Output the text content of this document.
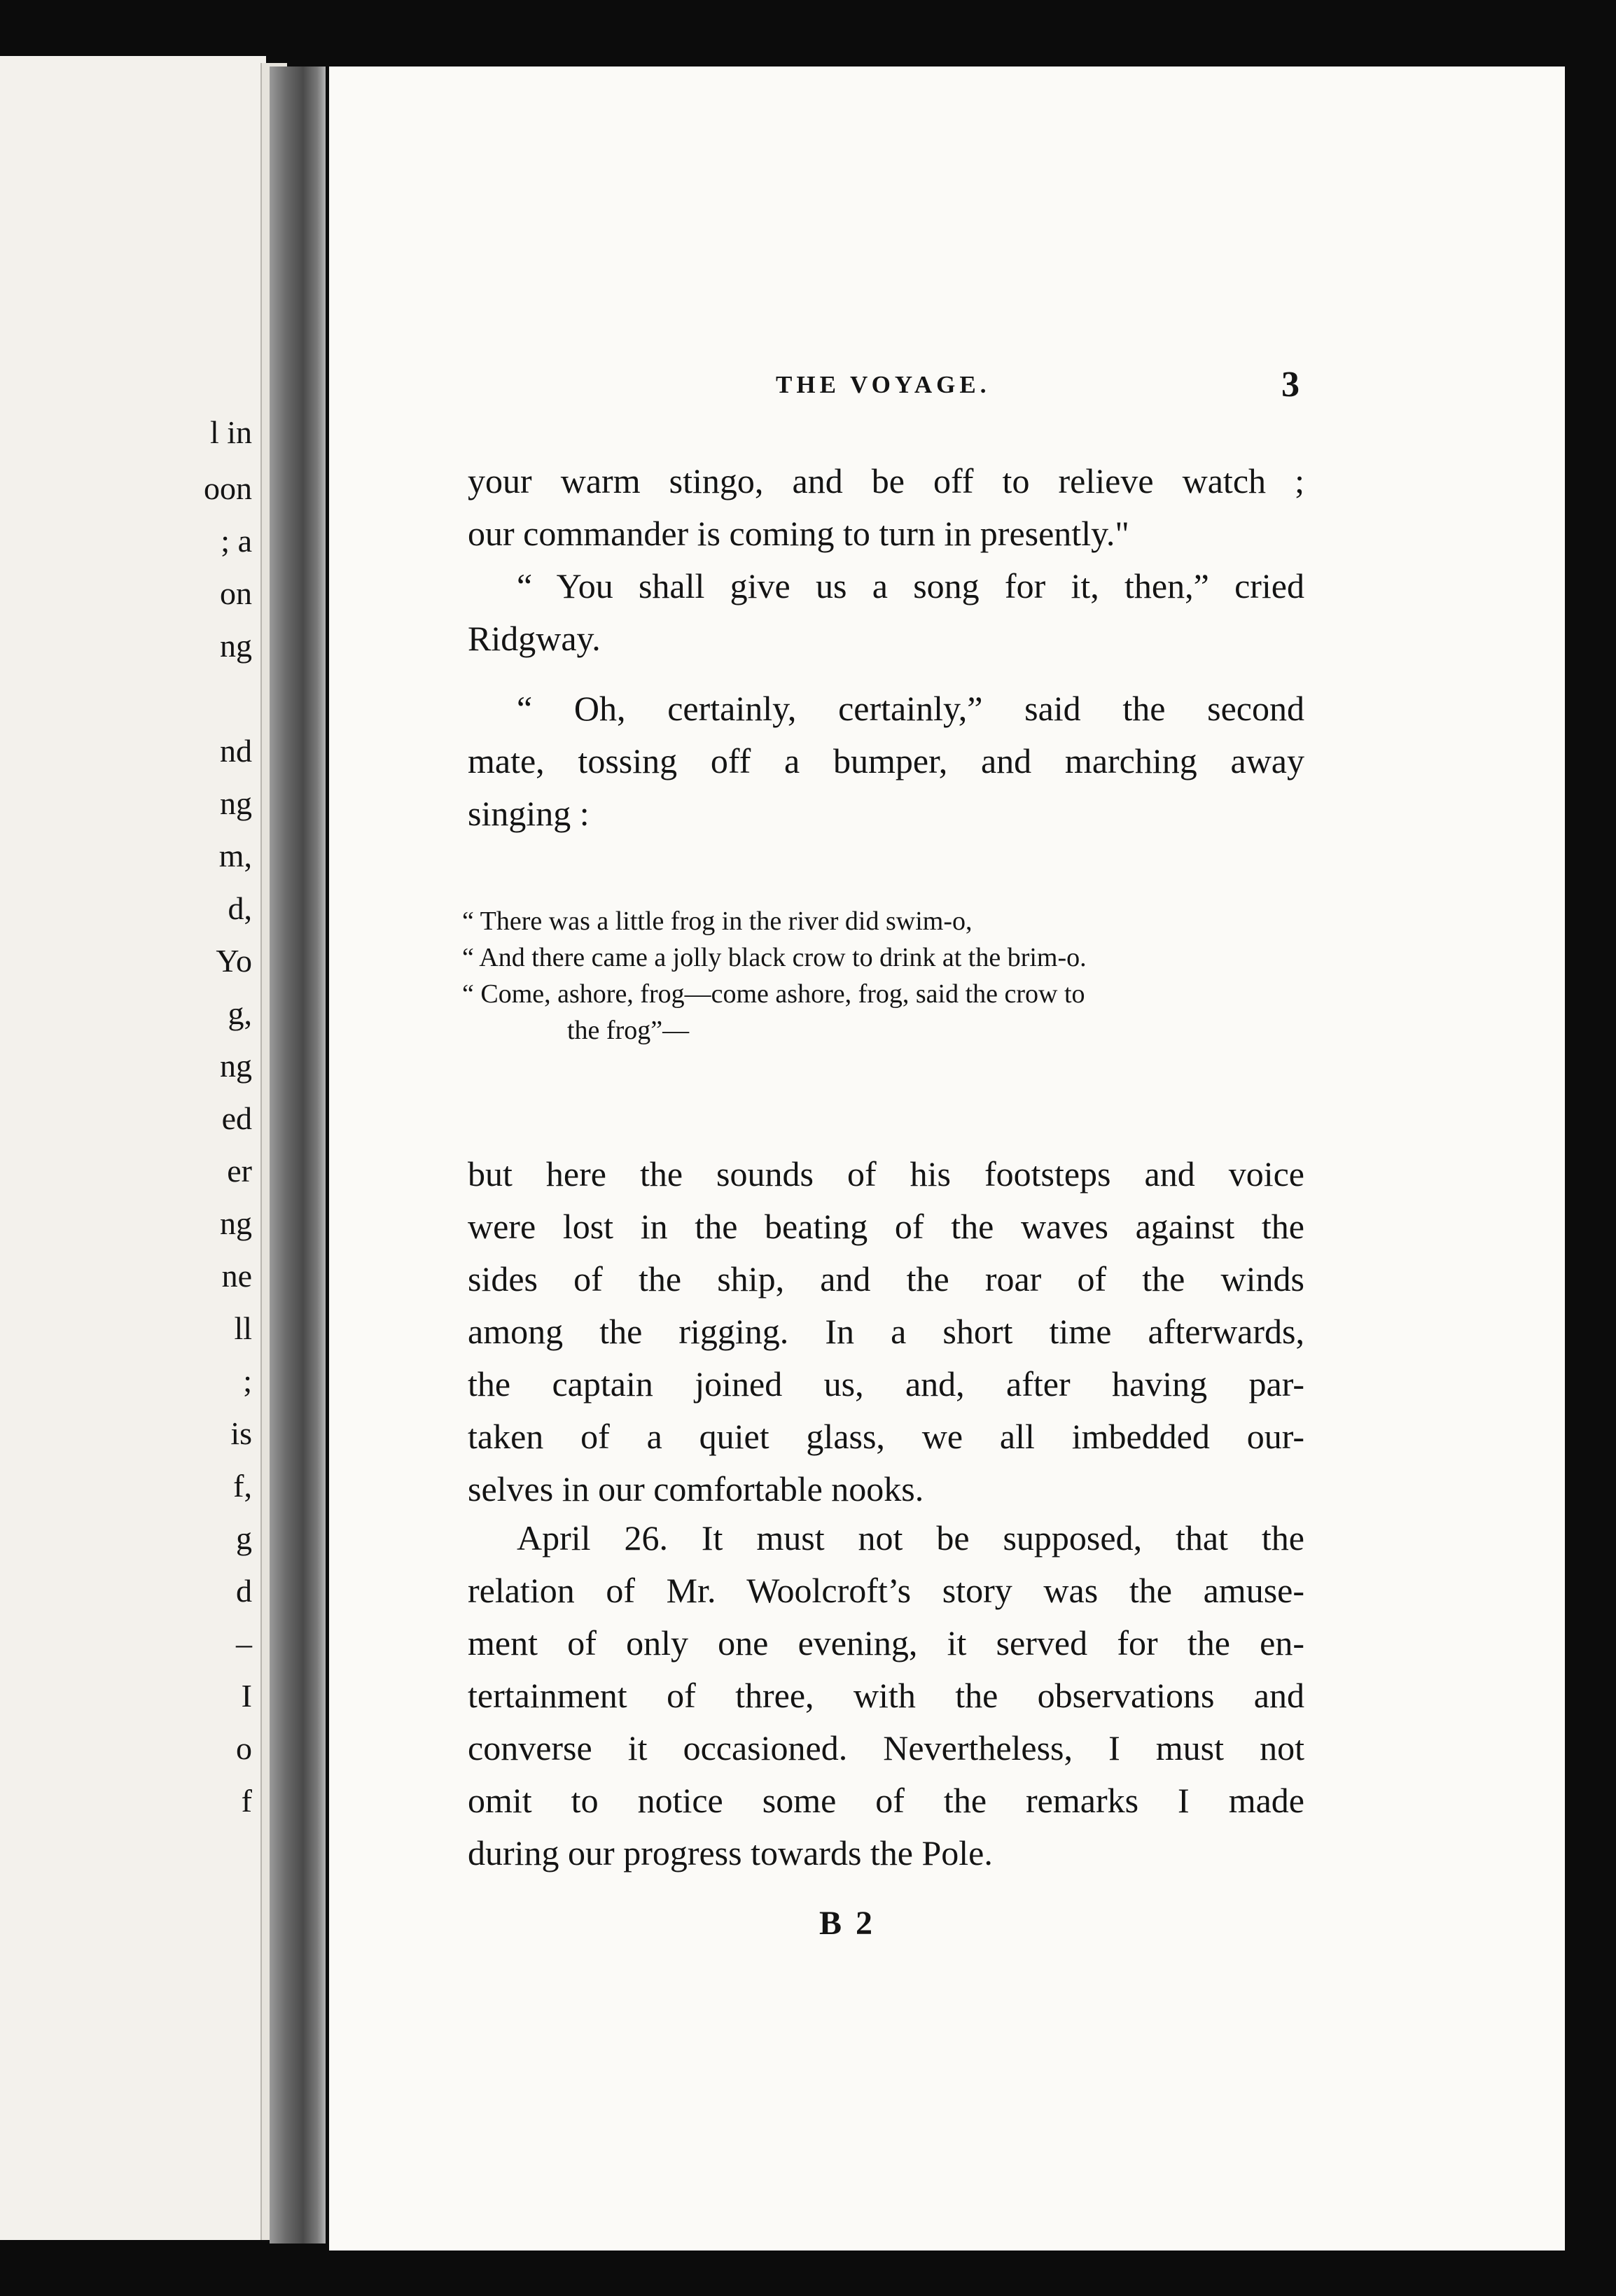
l in
oon
; a
on
ng
nd
ng
m,
d,
Yo
g,
ng
ed
er
ng
ne
ll
;
is
f,
g
d
–
I
o
f
THE VOYAGE.	3
your warm stingo, and be off to relieve watch ;
our commander is coming to turn in presently."
“ You shall give us a song for it, then,” cried
Ridgway.
“ Oh, certainly, certainly,” said the second
mate, tossing off a bumper, and marching away
singing :
“ There was a little frog in the river did swim-o,
“ And there came a jolly black crow to drink at the brim-o.
“ Come, ashore, frog—come ashore, frog, said the crow to
the frog”—
but here the sounds of his footsteps and voice
were lost in the beating of the waves against the
sides of the ship, and the roar of the winds
among the rigging. In a short time afterwards,
the captain joined us, and, after having par-
taken of a quiet glass, we all imbedded our-
selves in our comfortable nooks.
April 26. It must not be supposed, that the
relation of Mr. Woolcroft’s story was the amuse-
ment of only one evening, it served for the en-
tertainment of three, with the observations and
converse it occasioned. Nevertheless, I must not
omit to notice some of the remarks I made
during our progress towards the Pole.
B 2
